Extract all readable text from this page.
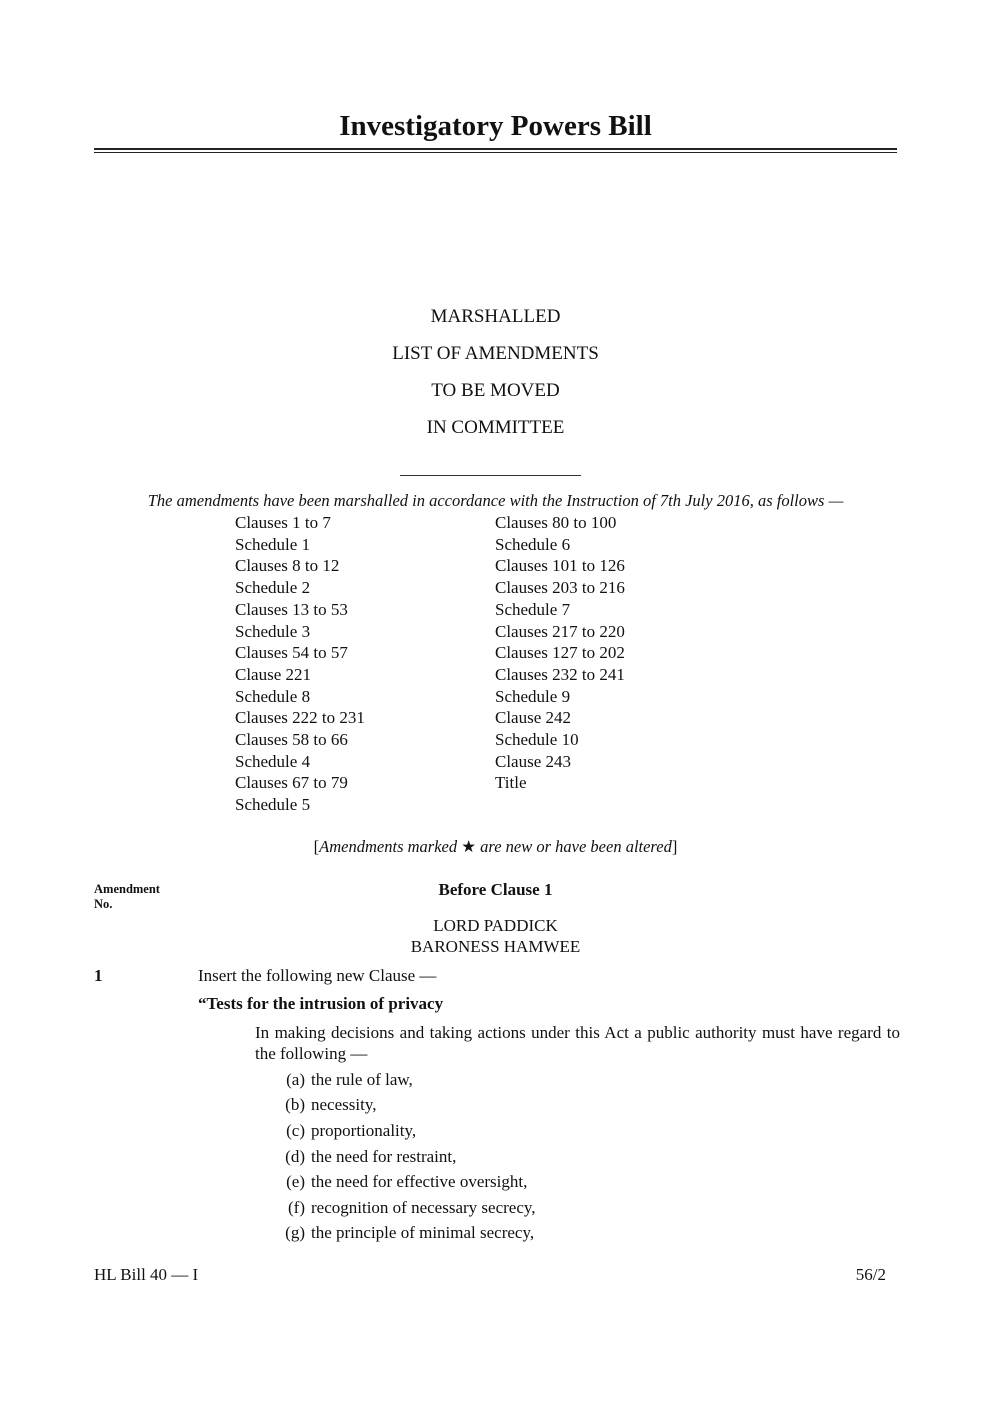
Investigatory Powers Bill
MARSHALLED
LIST OF AMENDMENTS
TO BE MOVED
IN COMMITTEE
The amendments have been marshalled in accordance with the Instruction of 7th July 2016, as follows —
Clauses 1 to 7
Schedule 1
Clauses 8 to 12
Schedule 2
Clauses 13 to 53
Schedule 3
Clauses 54 to 57
Clause 221
Schedule 8
Clauses 222 to 231
Clauses 58 to 66
Schedule 4
Clauses 67 to 79
Schedule 5
Clauses 80 to 100
Schedule 6
Clauses 101 to 126
Clauses 203 to 216
Schedule 7
Clauses 217 to 220
Clauses 127 to 202
Clauses 232 to 241
Schedule 9
Clause 242
Schedule 10
Clause 243
Title
[Amendments marked ★ are new or have been altered]
Amendment
No.
Before Clause 1
LORD PADDICK
BARONESS HAMWEE
1	Insert the following new Clause —
“Tests for the intrusion of privacy
In making decisions and taking actions under this Act a public authority must have regard to the following —
(a) the rule of law,
(b) necessity,
(c) proportionality,
(d) the need for restraint,
(e) the need for effective oversight,
(f) recognition of necessary secrecy,
(g) the principle of minimal secrecy,
HL Bill 40 — I	56/2
